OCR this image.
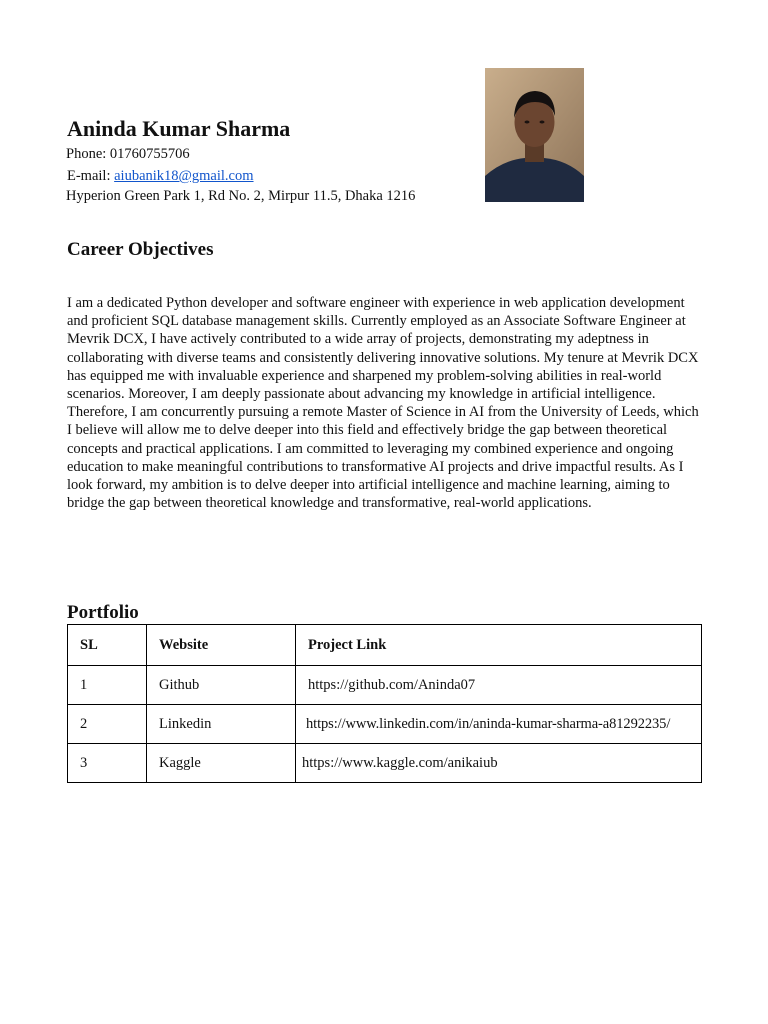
Aninda Kumar Sharma
Phone: 01760755706
E-mail: aiubanik18@gmail.com
Hyperion Green Park 1, Rd No. 2, Mirpur 11.5, Dhaka 1216
Career Objectives

I am a dedicated Python developer and software engineer with experience in web application development and proficient SQL database management skills. Currently employed as an Associate Software Engineer at Mevrik DCX, I have actively contributed to a wide array of projects, demonstrating my adeptness in collaborating with diverse teams and consistently delivering innovative solutions. My tenure at Mevrik DCX has equipped me with invaluable experience and sharpened my problem-solving abilities in real-world scenarios. Moreover, I am deeply passionate about advancing my knowledge in artificial intelligence. Therefore, I am concurrently pursuing a remote Master of Science in AI from the University of Leeds, which I believe will allow me to delve deeper into this field and effectively bridge the gap between theoretical concepts and practical applications. I am committed to leveraging my combined experience and ongoing education to make meaningful contributions to transformative AI projects and drive impactful results. As I look forward, my ambition is to delve deeper into artificial intelligence and machine learning, aiming to bridge the gap between theoretical knowledge and transformative, real-world applications.

Portfolio
SL	Website	Project Link
1	Github	https://github.com/Aninda07
2	Linkedin	https://www.linkedin.com/in/aninda-kumar-sharma-a81292235/
3	Kaggle	https://www.kaggle.com/anikaiub
